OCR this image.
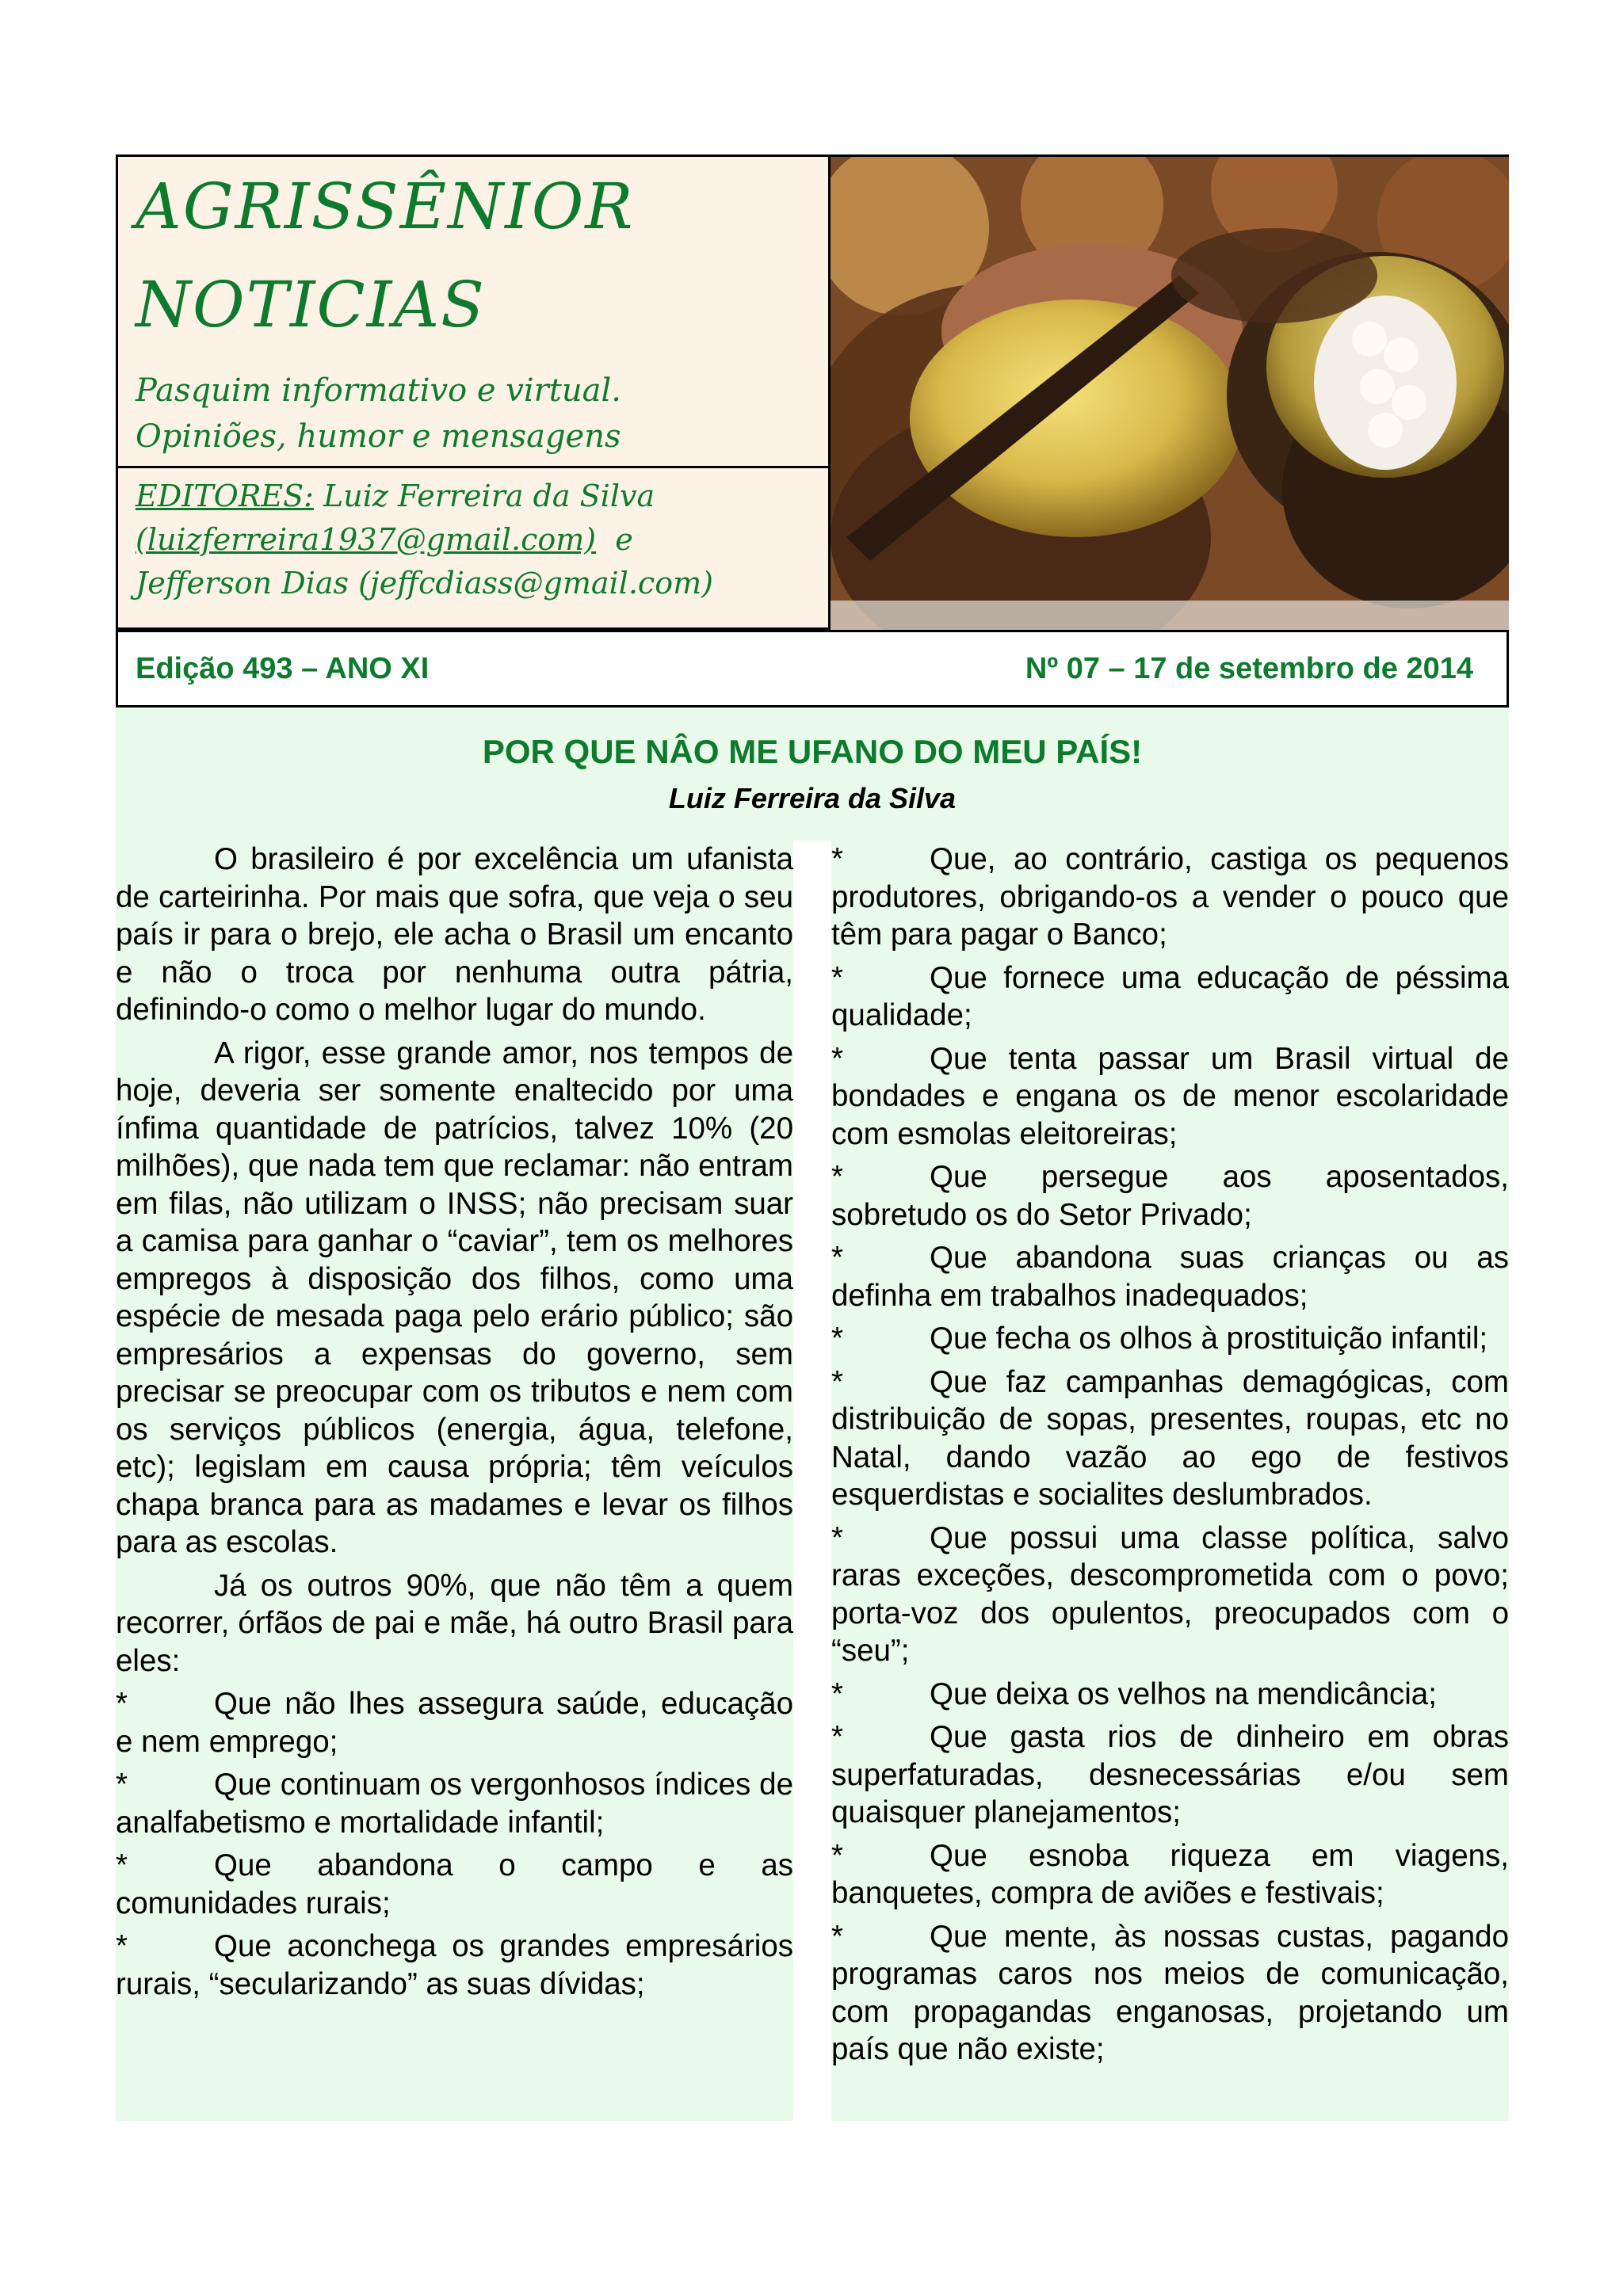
AGRISSÊNIOR
NOTICIAS
Pasquim informativo e virtual.
Opiniões, humor e mensagens
EDITORES: Luiz Ferreira da Silva
(luizferreira1937@gmail.com)  e
Jefferson Dias (jeffcdiass@gmail.com)
Edição 493 – ANO XI	Nº 07 – 17 de setembro de 2014
POR QUE NÂO ME UFANO DO MEU PAÍS!
Luiz Ferreira da Silva

O brasileiro é por excelência um ufanista de carteirinha. Por mais que sofra, que veja o seu país ir para o brejo, ele acha o Brasil um encanto e não o troca por nenhuma outra pátria, definindo-o como o melhor lugar do mundo.

A rigor, esse grande amor, nos tempos de hoje, deveria ser somente enaltecido por uma ínfima quantidade de patrícios, talvez 10% (20 milhões), que nada tem que reclamar: não entram em filas, não utilizam o INSS; não precisam suar a camisa para ganhar o “caviar”, tem os melhores empregos à disposição dos filhos, como uma espécie de mesada paga pelo erário público; são empresários a expensas do governo, sem precisar se preocupar com os tributos e nem com os serviços públicos (energia, água, telefone, etc); legislam em causa própria; têm veículos chapa branca para as madames e levar os filhos para as escolas.

Já os outros 90%, que não têm a quem recorrer, órfãos de pai e mãe, há outro Brasil para eles:

*	Que não lhes assegura saúde, educação e nem emprego;
*	Que continuam os vergonhosos índices de analfabetismo e mortalidade infantil;
*	Que abandona o campo e as comunidades rurais;
*	Que aconchega os grandes empresários rurais, “secularizando” as suas dívidas;
*	Que, ao contrário, castiga os pequenos produtores, obrigando-os a vender o pouco que têm para pagar o Banco;
*	Que fornece uma educação de péssima qualidade;
*	Que tenta passar um Brasil virtual de bondades e engana os de menor escolaridade com esmolas eleitoreiras;
*	Que persegue aos aposentados, sobretudo os do Setor Privado;
*	Que abandona suas crianças ou as definha em trabalhos inadequados;
*	Que fecha os olhos à prostituição infantil;
*	Que faz campanhas demagógicas, com distribuição de sopas, presentes, roupas, etc no Natal, dando vazão ao ego de festivos esquerdistas e socialites deslumbrados.
*	Que possui uma classe política, salvo raras exceções, descomprometida com o povo; porta-voz dos opulentos, preocupados com o “seu”;
*	Que deixa os velhos na mendicância;
*	Que gasta rios de dinheiro em obras superfaturadas, desnecessárias e/ou sem quaisquer planejamentos;
*	Que esnoba riqueza em viagens, banquetes, compra de aviões e festivais;
*	Que mente, às nossas custas, pagando programas caros nos meios de comunicação, com propagandas enganosas, projetando um país que não existe;
